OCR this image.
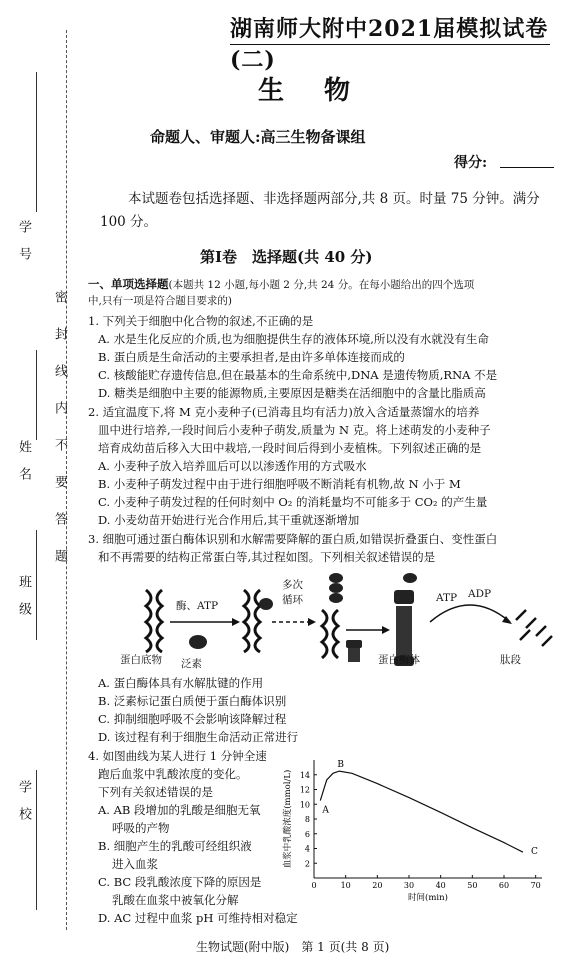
学号
姓名
班级
学校
密封线内不要答题
湖南师大附中2021届模拟试卷(二)
生物
命题人、审题人:高三生物备课组
得分:
本试题卷包括选择题、非选择题两部分,共 8 页。时量 75 分钟。满分 100 分。
第Ⅰ卷　选择题(共 40 分)
一、单项选择题(本题共 12 小题,每小题 2 分,共 24 分。在每小题给出的四个选项
中,只有一项是符合题目要求的)
1. 下列关于细胞中化合物的叙述,不正确的是
A. 水是生化反应的介质,也为细胞提供生存的液体环境,所以没有水就没有生命
B. 蛋白质是生命活动的主要承担者,是由许多单体连接而成的
C. 核酸能贮存遗传信息,但在最基本的生命系统中,DNA 是遗传物质,RNA 不是
D. 糖类是细胞中主要的能源物质,主要原因是糖类在活细胞中的含量比脂质高
2. 适宜温度下,将 M 克小麦种子(已消毒且均有活力)放入含适量蒸馏水的培养
皿中进行培养,一段时间后小麦种子萌发,质量为 N 克。将上述萌发的小麦种子
培育成幼苗后移入大田中栽培,一段时间后得到小麦植株。下列叙述正确的是
A. 小麦种子放入培养皿后可以以渗透作用的方式吸水
B. 小麦种子萌发过程中由于进行细胞呼吸不断消耗有机物,故 N 小于 M
C. 小麦种子萌发过程的任何时刻中 O₂ 的消耗量均不可能多于 CO₂ 的产生量
D. 小麦幼苗开始进行光合作用后,其干重就逐渐增加
3. 细胞可通过蛋白酶体识别和水解需要降解的蛋白质,如错误折叠蛋白、变性蛋白
和不再需要的结构正常蛋白等,其过程如图。下列相关叙述错误的是
酶、ATP
多次
循环	ATP ADP
蛋白底物 泛素	蛋白酶体	肽段
A. 蛋白酶体具有水解肽键的作用
B. 泛素标记蛋白质便于蛋白酶体识别
C. 抑制细胞呼吸不会影响该降解过程
D. 该过程有利于细胞生命活动正常进行
4. 如图曲线为某人进行 1 分钟全速
跑后血浆中乳酸浓度的变化。
下列有关叙述错误的是
A. AB 段增加的乳酸是细胞无氧
呼吸的产物
B. 细胞产生的乳酸可经组织液
进入血浆
C. BC 段乳酸浓度下降的原因是
乳酸在血浆中被氧化分解
D. AC 过程中血浆 pH 可维持相对稳定
血浆中乳酸浓度(mmol/L) 2
4
6
8
10
12
14
0	10	20	30	40	50	60	70
A
B
C
时间(min)
生物试题(附中版)　第 1 页(共 8 页)
